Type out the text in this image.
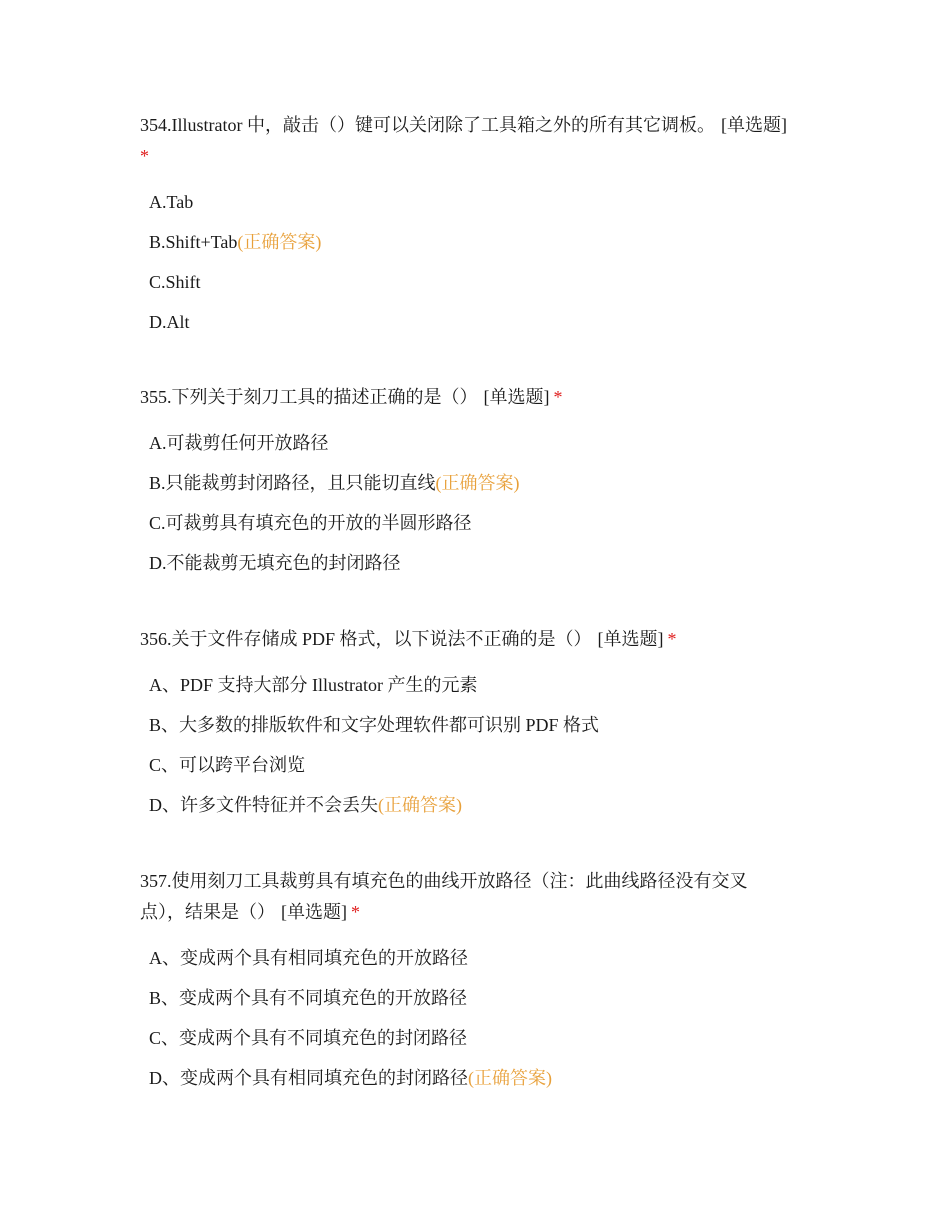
354.Illustrator 中，敲击（）键可以关闭除了工具箱之外的所有其它调板。 [单选题]
*

A.Tab
B.Shift+Tab(正确答案)
C.Shift
D.Alt

355.下列关于刻刀工具的描述正确的是（） [单选题] *

A.可裁剪任何开放路径
B.只能裁剪封闭路径，且只能切直线(正确答案)
C.可裁剪具有填充色的开放的半圆形路径
D.不能裁剪无填充色的封闭路径

356.关于文件存储成 PDF 格式，以下说法不正确的是（） [单选题] *

A、PDF 支持大部分 Illustrator 产生的元素
B、大多数的排版软件和文字处理软件都可识别 PDF 格式
C、可以跨平台浏览
D、许多文件特征并不会丢失(正确答案)

357.使用刻刀工具裁剪具有填充色的曲线开放路径（注：此曲线路径没有交叉点），结果是（） [单选题] *

A、变成两个具有相同填充色的开放路径
B、变成两个具有不同填充色的开放路径
C、变成两个具有不同填充色的封闭路径
D、变成两个具有相同填充色的封闭路径(正确答案)
